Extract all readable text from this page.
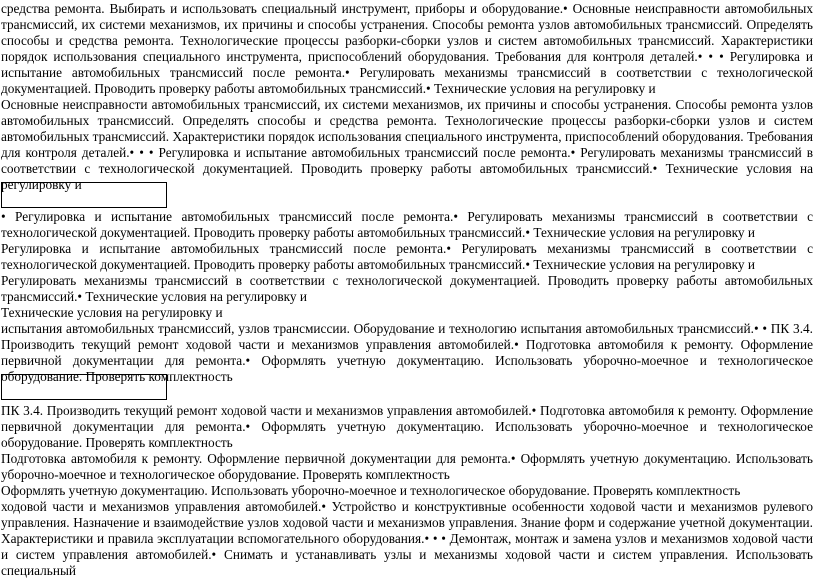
средства ремонта. Выбирать и использовать специальный инструмент, приборы и оборудование.• Основные неисправности автомобильных трансмиссий, их системи механизмов, их причины и способы устранения. Способы ремонта узлов автомобильных трансмиссий. Определять способы и средства ремонта. Технологические процессы разборки-сборки узлов и систем автомобильных трансмиссий. Характеристики порядок использования специального инструмента, приспособлений оборудования. Требования для контроля деталей.• • • Регулировка и испытание автомобильных трансмиссий после ремонта.• Регулировать механизмы трансмиссий в соответствии с технологической документацией. Проводить проверку работы автомобильных трансмиссий.• Технические условия на регулировку и

Основные неисправности автомобильных трансмиссий, их системи механизмов, их причины и способы устранения. Способы ремонта узлов автомобильных трансмиссий. Определять способы и средства ремонта. Технологические процессы разборки-сборки узлов и систем автомобильных трансмиссий. Характеристики порядок использования специального инструмента, приспособлений оборудования. Требования для контроля деталей.• • • Регулировка и испытание автомобильных трансмиссий после ремонта.• Регулировать механизмы трансмиссий в соответствии с технологической документацией. Проводить проверку работы автомобильных трансмиссий.• Технические условия на регулировку и

• Регулировка и испытание автомобильных трансмиссий после ремонта.• Регулировать механизмы трансмиссий в соответствии с технологической документацией. Проводить проверку работы автомобильных трансмиссий.• Технические условия на регулировку и

Регулировка и испытание автомобильных трансмиссий после ремонта.• Регулировать механизмы трансмиссий в соответствии с технологической документацией. Проводить проверку работы автомобильных трансмиссий.• Технические условия на регулировку и

Регулировать механизмы трансмиссий в соответствии с технологической документацией. Проводить проверку работы автомобильных трансмиссий.• Технические условия на регулировку и

Технические условия на регулировку и

испытания автомобильных трансмиссий, узлов трансмиссии. Оборудование и технологию испытания автомобильных трансмиссий.• • ПК 3.4. Производить текущий ремонт ходовой части и механизмов управления автомобилей.• Подготовка автомобиля к ремонту. Оформление первичной документации для ремонта.• Оформлять учетную документацию. Использовать уборочно-моечное и технологическое оборудование. Проверять комплектность

ПК 3.4. Производить текущий ремонт ходовой части и механизмов управления автомобилей.• Подготовка автомобиля к ремонту. Оформление первичной документации для ремонта.• Оформлять учетную документацию. Использовать уборочно-моечное и технологическое оборудование. Проверять комплектность

Подготовка автомобиля к ремонту. Оформление первичной документации для ремонта.• Оформлять учетную документацию. Использовать уборочно-моечное и технологическое оборудование. Проверять комплектность

Оформлять учетную документацию. Использовать уборочно-моечное и технологическое оборудование. Проверять комплектность

ходовой части и механизмов управления автомобилей.• Устройство и конструктивные особенности ходовой части и механизмов рулевого управления. Назначение и взаимодействие узлов ходовой части и механизмов управления. Знание форм и содержание учетной документации. Характеристики и правила эксплуатации вспомогательного оборудования.• • • Демонтаж, монтаж и замена узлов и механизмов ходовой части и систем управления автомобилей.• Снимать и устанавливать узлы и механизмы ходовой части и систем управления. Использовать специальный
